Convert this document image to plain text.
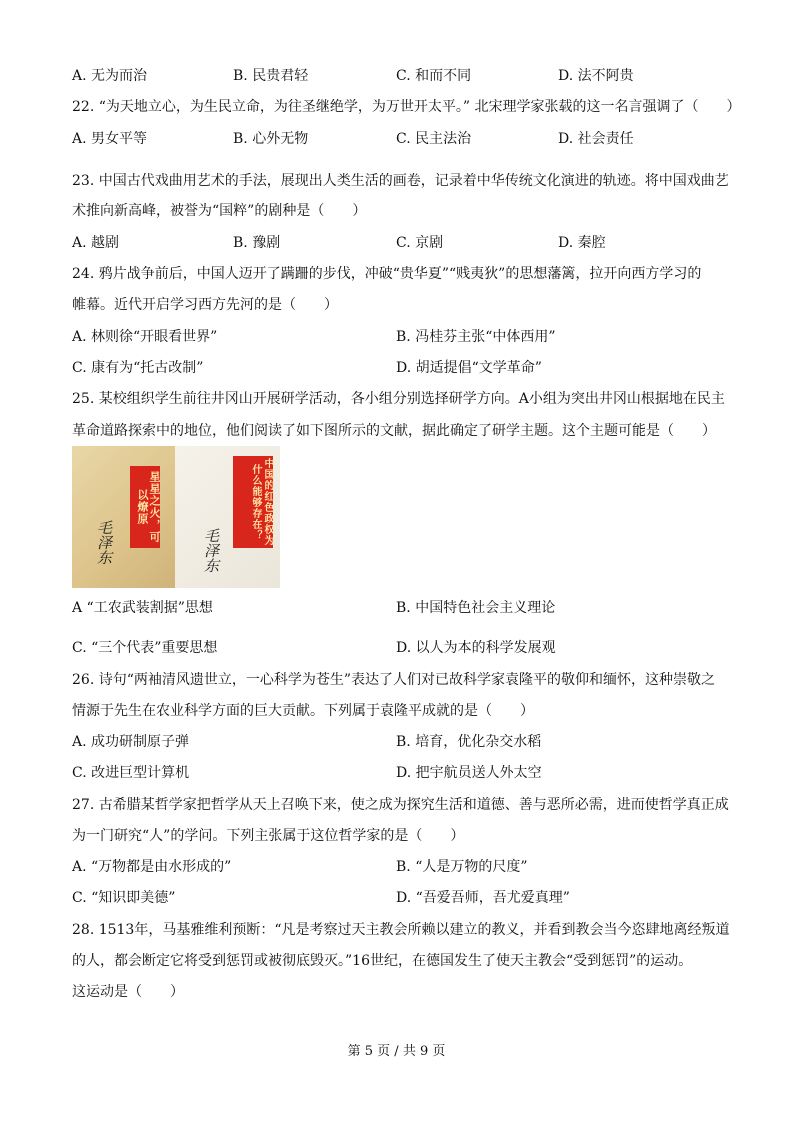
A. 无为而治	B. 民贵君轻	C. 和而不同	D. 法不阿贵
22. “为天地立心，为生民立命，为往圣继绝学，为万世开太平。” 北宋理学家张载的这一名言强调了（　　）
A. 男女平等	B. 心外无物	C. 民主法治	D. 社会责任
23. 中国古代戏曲用艺术的手法，展现出人类生活的画卷，记录着中华传统文化演进的轨迹。将中国戏曲艺
术推向新高峰，被誉为“国粹”的剧种是（　　）
A. 越剧	B. 豫剧	C. 京剧	D. 秦腔
24. 鸦片战争前后，中国人迈开了蹒跚的步伐，冲破“贵华夏”“贱夷狄”的思想藩篱，拉开向西方学习的
帷幕。近代开启学习西方先河的是（　　）
A. 林则徐“开眼看世界”	B. 冯桂芬主张“中体西用”
C. 康有为“托古改制”	D. 胡适提倡“文学革命”
25. 某校组织学生前往井冈山开展研学活动，各小组分别选择研学方向。A小组为突出井冈山根据地在民主
革命道路探索中的地位，他们阅读了如下图所示的文献，据此确定了研学主题。这个主题可能是（　　）
星星之火，可以燎原
毛泽东	中国的红色政权为什么能够存在？
毛泽东
A “工农武装割据”思想	B. 中国特色社会主义理论
C. “三个代表”重要思想	D. 以人为本的科学发展观
26. 诗句“两袖清风遗世立，一心科学为苍生”表达了人们对已故科学家袁隆平的敬仰和缅怀，这种崇敬之
情源于先生在农业科学方面的巨大贡献。下列属于袁隆平成就的是（　　）
A. 成功研制原子弹	B. 培育，优化杂交水稻
C. 改进巨型计算机	D. 把宇航员送人外太空
27. 古希腊某哲学家把哲学从天上召唤下来，使之成为探究生活和道德、善与恶所必需，进而使哲学真正成
为一门研究“人”的学问。下列主张属于这位哲学家的是（　　）
A. “万物都是由水形成的”	B. “人是万物的尺度”
C. “知识即美德”	D. “吾爱吾师，吾尤爱真理”
28. 1513年，马基雅维利预断：“凡是考察过天主教会所赖以建立的教义，并看到教会当今恣肆地离经叛道
的人，都会断定它将受到惩罚或被彻底毁灭。”16世纪，在德国发生了使天主教会“受到惩罚”的运动。
这运动是（　　）
第 5 页 / 共 9 页
